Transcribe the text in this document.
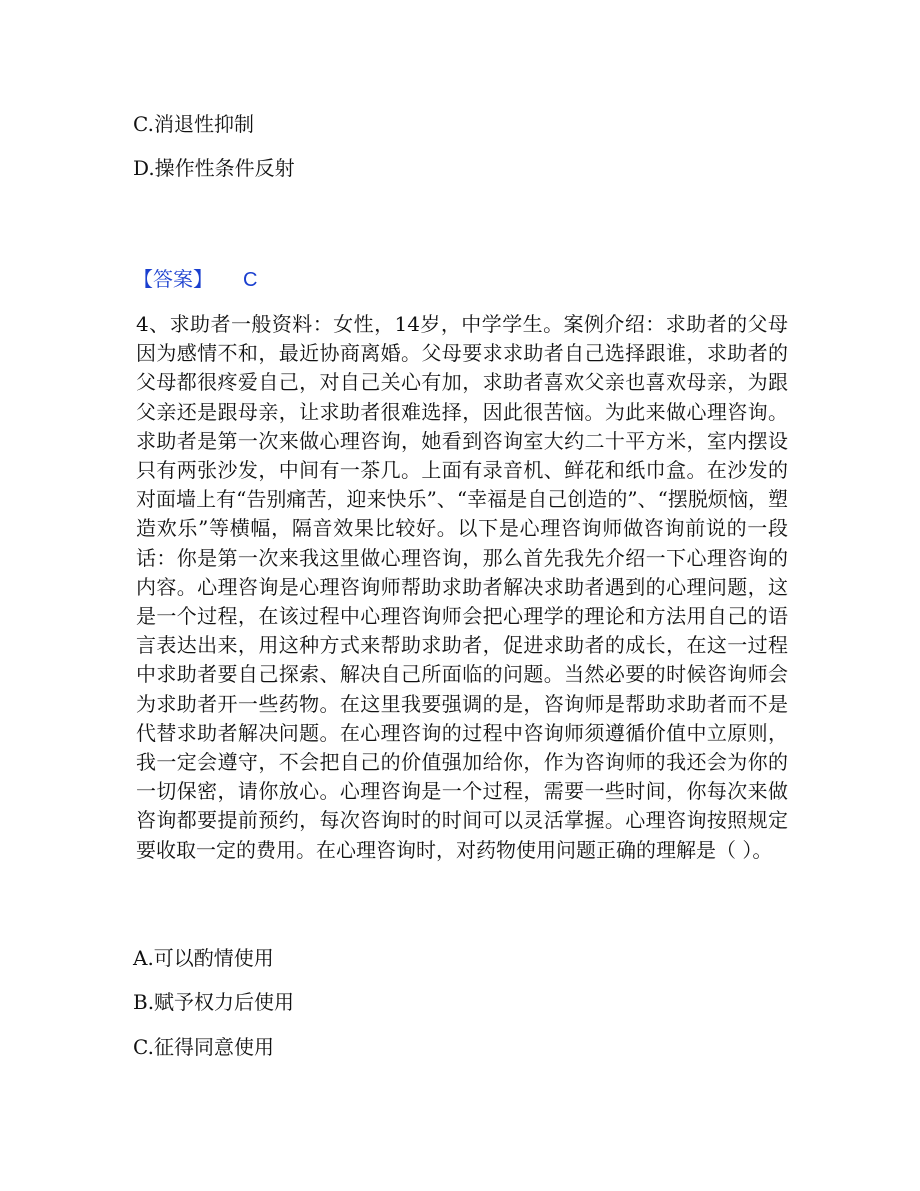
C.消退性抑制
D.操作性条件反射
【答案】 C
4、求助者一般资料：女性，14岁，中学学生。案例介绍：求助者的父母因为感情不和，最近协商离婚。父母要求求助者自己选择跟谁，求助者的父母都很疼爱自己，对自己关心有加，求助者喜欢父亲也喜欢母亲，为跟父亲还是跟母亲，让求助者很难选择，因此很苦恼。为此来做心理咨询。求助者是第一次来做心理咨询，她看到咨询室大约二十平方米，室内摆设只有两张沙发，中间有一茶几。上面有录音机、鲜花和纸巾盒。在沙发的对面墙上有“告别痛苦，迎来快乐”、“幸福是自己创造的”、“摆脱烦恼，塑造欢乐”等横幅，隔音效果比较好。以下是心理咨询师做咨询前说的一段话：你是第一次来我这里做心理咨询，那么首先我先介绍一下心理咨询的内容。心理咨询是心理咨询师帮助求助者解决求助者遇到的心理问题，这是一个过程，在该过程中心理咨询师会把心理学的理论和方法用自己的语言表达出来，用这种方式来帮助求助者，促进求助者的成长，在这一过程中求助者要自己探索、解决自己所面临的问题。当然必要的时候咨询师会为求助者开一些药物。在这里我要强调的是，咨询师是帮助求助者而不是代替求助者解决问题。在心理咨询的过程中咨询师须遵循价值中立原则，我一定会遵守，不会把自己的价值强加给你，作为咨询师的我还会为你的一切保密，请你放心。心理咨询是一个过程，需要一些时间，你每次来做咨询都要提前预约，每次咨询时的时间可以灵活掌握。心理咨询按照规定要收取一定的费用。在心理咨询时，对药物使用问题正确的理解是（ ）。
A.可以酌情使用
B.赋予权力后使用
C.征得同意使用
